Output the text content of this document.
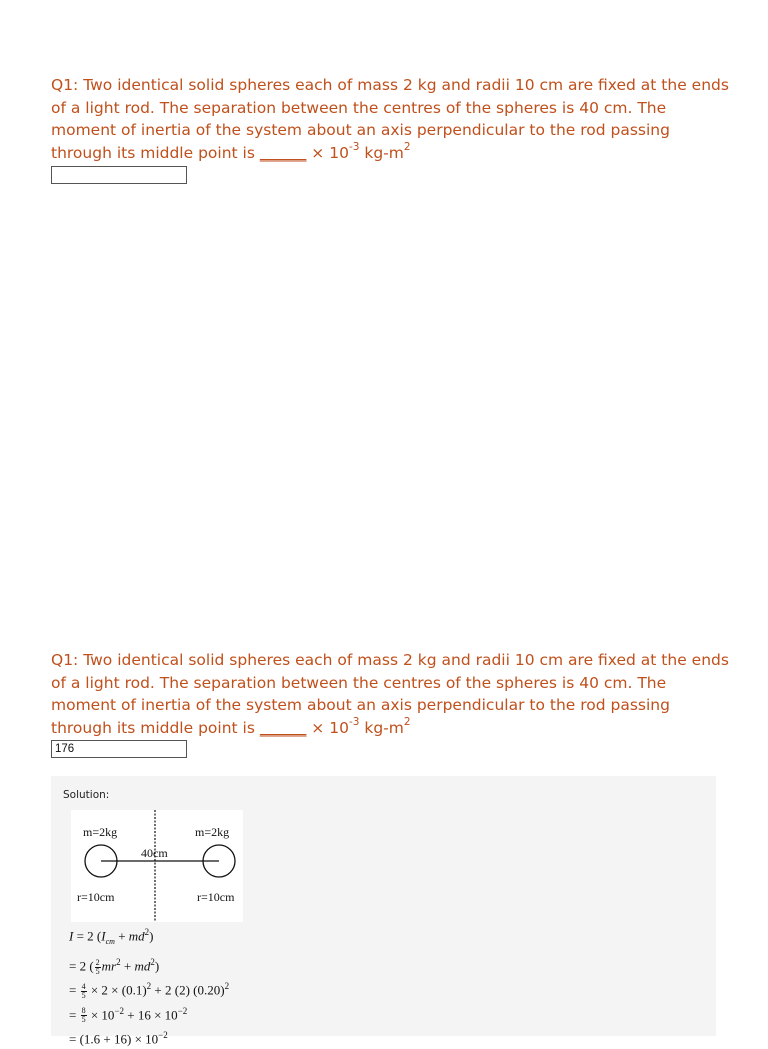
Q1: Two identical solid spheres each of mass 2 kg and radii 10 cm are fixed at the ends of a light rod. The separation between the centres of the spheres is 40 cm. The moment of inertia of the system about an axis perpendicular to the rod passing through its middle point is ______ × $10^{-3}$ $kg-m^2$
Q1: Two identical solid spheres each of mass 2 kg and radii 10 cm are fixed at the ends of a light rod. The separation between the centres of the spheres is 40 cm. The moment of inertia of the system about an axis perpendicular to the rod passing through its middle point is ______ × $10^{-3}$ $kg-m^2$
176
Solution:
m=2kg	m=2kg
40cm
r=10cm	r=10cm
I = 2 $(I_{cm} + md^2)$
= 2 ( $\frac{2}{5} mr^2 + md^2$)
= $\frac{4}{5} \times 2 \times (0.1)^2 + 2$ (2) $(0.20)^2$
= $\frac{8}{5} \times 10^{-2} + 16 \times 10^{-2}$
= $(1.6 + 16) \times 10^{-2}$
